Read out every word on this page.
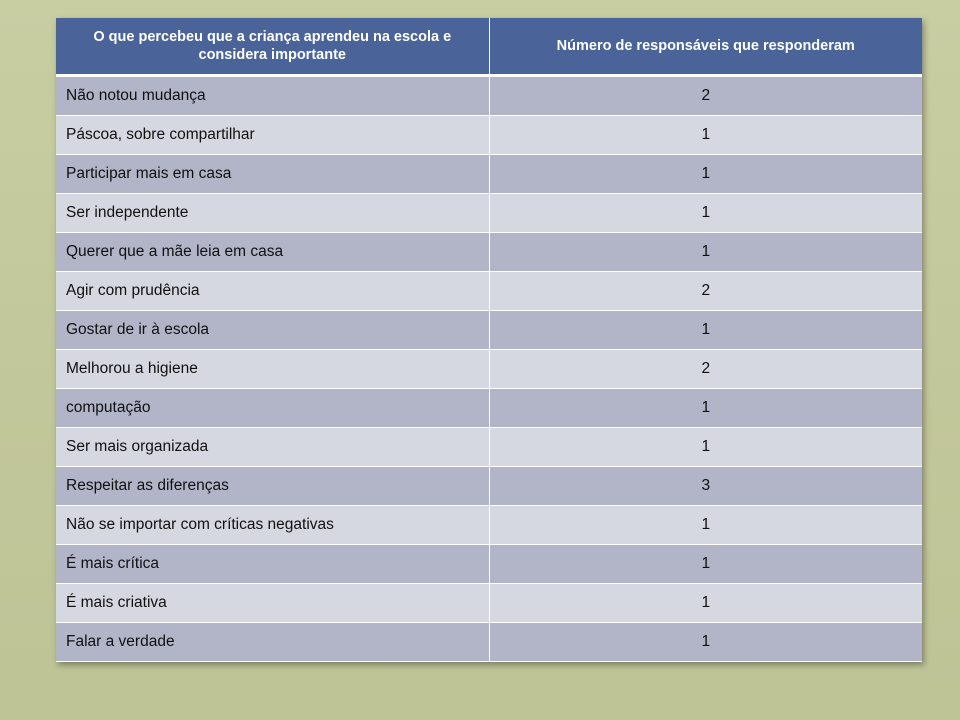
O que percebeu que a criança aprendeu na escola e considera importante	Número de responsáveis que responderam
Não notou mudança	2
Páscoa, sobre compartilhar	1
Participar mais em casa	1
Ser independente	1
Querer que a mãe leia em casa	1
Agir com prudência	2
Gostar de ir à escola	1
Melhorou a higiene	2
computação	1
Ser mais organizada	1
Respeitar as diferenças	3
Não se importar com críticas negativas	1
É mais crítica	1
É mais criativa	1
Falar a verdade	1
